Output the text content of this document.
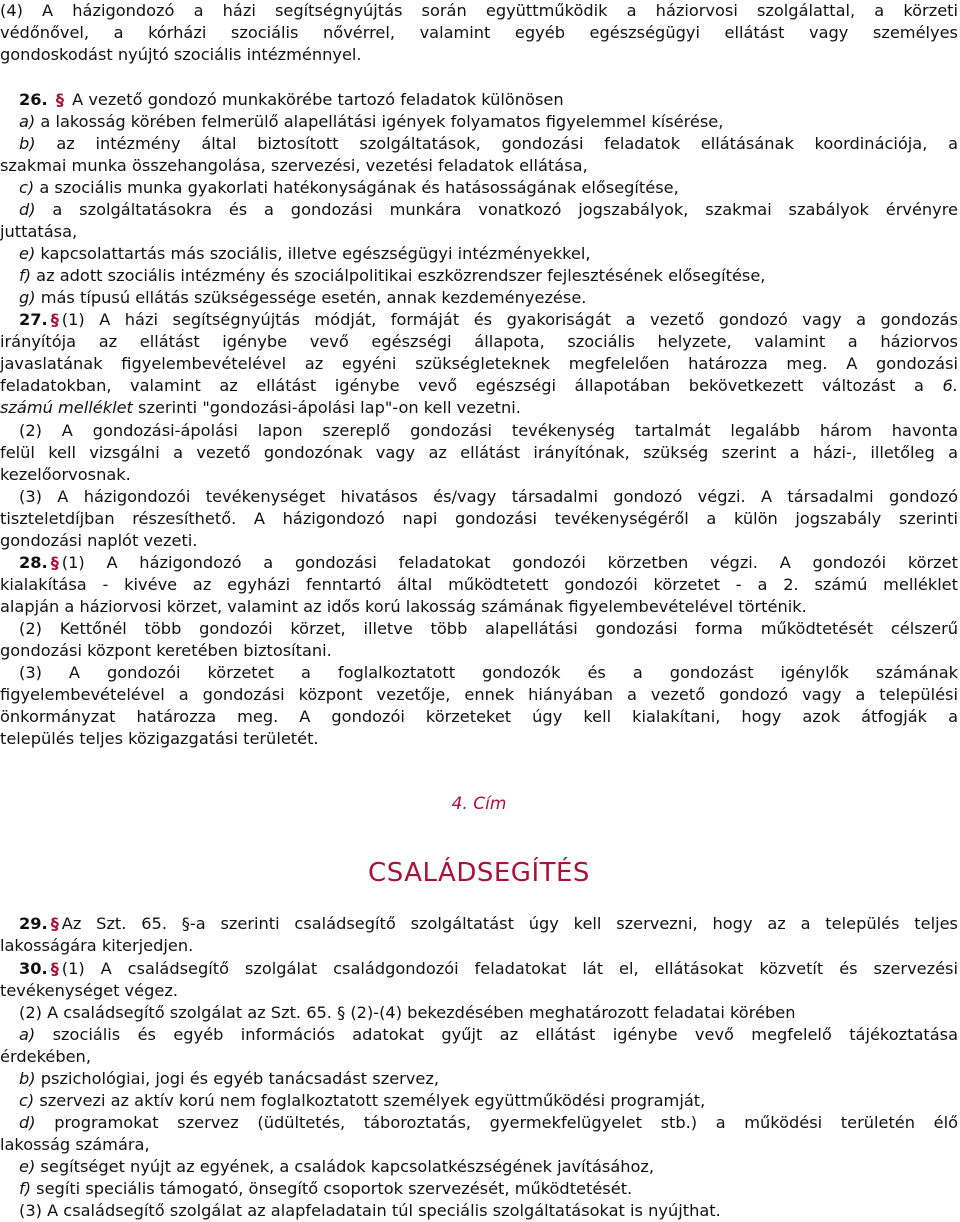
(4) A házigondozó a házi segítségnyújtás során együttműködik a háziorvosi szolgálattal, a körzeti
védőnővel, a kórházi szociális nővérrel, valamint egyéb egészségügyi ellátást vagy személyes
gondoskodást nyújtó szociális intézménnyel.
26. § A vezető gondozó munkakörébe tartozó feladatok különösen
a) a lakosság körében felmerülő alapellátási igények folyamatos figyelemmel kísérése,
b) az intézmény által biztosított szolgáltatások, gondozási feladatok ellátásának koordinációja, a
szakmai munka összehangolása, szervezési, vezetési feladatok ellátása,
c) a szociális munka gyakorlati hatékonyságának és hatásosságának elősegítése,
d) a szolgáltatásokra és a gondozási munkára vonatkozó jogszabályok, szakmai szabályok érvényre
juttatása,
e) kapcsolattartás más szociális, illetve egészségügyi intézményekkel,
f) az adott szociális intézmény és szociálpolitikai eszközrendszer fejlesztésének elősegítése,
g) más típusú ellátás szükségessége esetén, annak kezdeményezése.
27. § (1) A házi segítségnyújtás módját, formáját és gyakoriságát a vezető gondozó vagy a gondozás
irányítója az ellátást igénybe vevő egészségi állapota, szociális helyzete, valamint a háziorvos
javaslatának figyelembevételével az egyéni szükségleteknek megfelelően határozza meg. A gondozási
feladatokban, valamint az ellátást igénybe vevő egészségi állapotában bekövetkezett változást a 6.
számú melléklet szerinti "gondozási-ápolási lap"-on kell vezetni.
(2) A gondozási-ápolási lapon szereplő gondozási tevékenység tartalmát legalább három havonta
felül kell vizsgálni a vezető gondozónak vagy az ellátást irányítónak, szükség szerint a házi-, illetőleg a
kezelőorvosnak.
(3) A házigondozói tevékenységet hivatásos és/vagy társadalmi gondozó végzi. A társadalmi gondozó
tiszteletdíjban részesíthető. A házigondozó napi gondozási tevékenységéről a külön jogszabály szerinti
gondozási naplót vezeti.
28. § (1) A házigondozó a gondozási feladatokat gondozói körzetben végzi. A gondozói körzet
kialakítása - kivéve az egyházi fenntartó által működtetett gondozói körzetet - a 2. számú melléklet
alapján a háziorvosi körzet, valamint az idős korú lakosság számának figyelembevételével történik.
(2) Kettőnél több gondozói körzet, illetve több alapellátási gondozási forma működtetését célszerű
gondozási központ keretében biztosítani.
(3) A gondozói körzetet a foglalkoztatott gondozók és a gondozást igénylők számának
figyelembevételével a gondozási központ vezetője, ennek hiányában a vezető gondozó vagy a települési
önkormányzat határozza meg. A gondozói körzeteket úgy kell kialakítani, hogy azok átfogják a
település teljes közigazgatási területét.
4. Cím
CSALÁDSEGÍTÉS
29. § Az Szt. 65. §-a szerinti családsegítő szolgáltatást úgy kell szervezni, hogy az a település teljes
lakosságára kiterjedjen.
30. § (1) A családsegítő szolgálat családgondozói feladatokat lát el, ellátásokat közvetít és szervezési
tevékenységet végez.
(2) A családsegítő szolgálat az Szt. 65. § (2)-(4) bekezdésében meghatározott feladatai körében
a) szociális és egyéb információs adatokat gyűjt az ellátást igénybe vevő megfelelő tájékoztatása
érdekében,
b) pszichológiai, jogi és egyéb tanácsadást szervez,
c) szervezi az aktív korú nem foglalkoztatott személyek együttműködési programját,
d) programokat szervez (üdültetés, táboroztatás, gyermekfelügyelet stb.) a működési területén élő
lakosság számára,
e) segítséget nyújt az egyének, a családok kapcsolatkészségének javításához,
f) segíti speciális támogató, önsegítő csoportok szervezését, működtetését.
(3) A családsegítő szolgálat az alapfeladatain túl speciális szolgáltatásokat is nyújthat.
